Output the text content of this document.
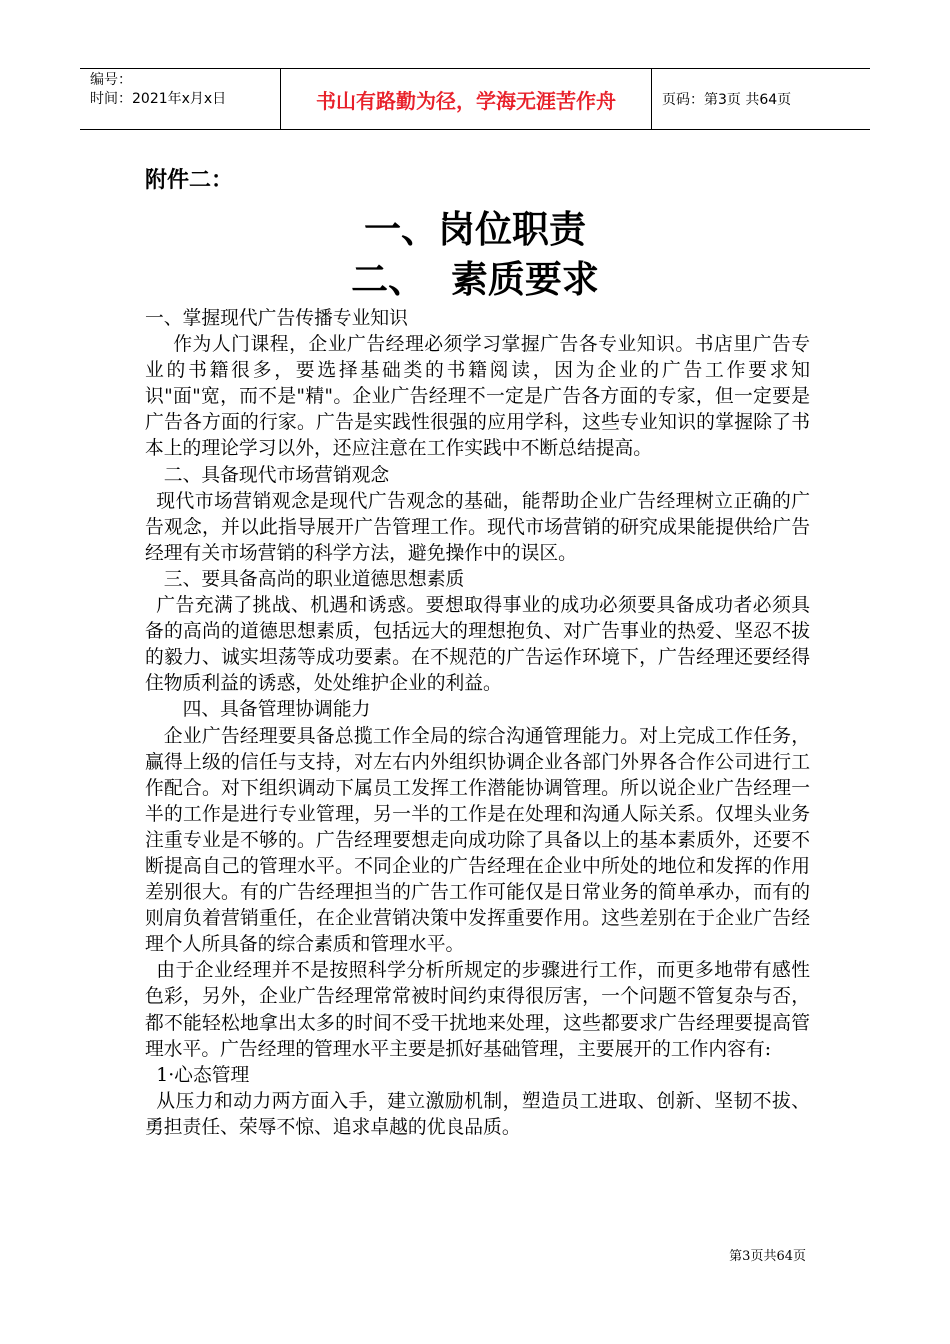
编号：
时间：2021年x月x日	书山有路勤为径，学海无涯苦作舟	页码：第3页 共64页
附件二：
一、岗位职责
二、  素质要求

一、掌握现代广告传播专业知识

作为人门课程，企业广告经理必须学习掌握广告各专业知识。书店里广告专业的书籍很多，要选择基础类的书籍阅读，因为企业的广告工作要求知识"面"宽，而不是"精"。企业广告经理不一定是广告各方面的专家，但一定要是广告各方面的行家。广告是实践性很强的应用学科，这些专业知识的掌握除了书本上的理论学习以外，还应注意在工作实践中不断总结提高。

二、具备现代市场营销观念

现代市场营销观念是现代广告观念的基础，能帮助企业广告经理树立正确的广告观念，并以此指导展开广告管理工作。现代市场营销的研究成果能提供给广告经理有关市场营销的科学方法，避免操作中的误区。

三、要具备高尚的职业道德思想素质

广告充满了挑战、机遇和诱惑。要想取得事业的成功必须要具备成功者必须具备的高尚的道德思想素质，包括远大的理想抱负、对广告事业的热爱、坚忍不拔的毅力、诚实坦荡等成功要素。在不规范的广告运作环境下，广告经理还要经得住物质利益的诱惑，处处维护企业的利益。

四、具备管理协调能力

企业广告经理要具备总揽工作全局的综合沟通管理能力。对上完成工作任务，赢得上级的信任与支持，对左右内外组织协调企业各部门外界各合作公司进行工作配合。对下组织调动下属员工发挥工作潜能协调管理。所以说企业广告经理一半的工作是进行专业管理，另一半的工作是在处理和沟通人际关系。仅埋头业务注重专业是不够的。广告经理要想走向成功除了具备以上的基本素质外，还要不断提高自己的管理水平。不同企业的广告经理在企业中所处的地位和发挥的作用差别很大。有的广告经理担当的广告工作可能仅是日常业务的简单承办，而有的则肩负着营销重任，在企业营销决策中发挥重要作用。这些差别在于企业广告经理个人所具备的综合素质和管理水平。

由于企业经理并不是按照科学分析所规定的步骤进行工作，而更多地带有感性色彩，另外，企业广告经理常常被时间约束得很厉害，一个问题不管复杂与否，都不能轻松地拿出太多的时间不受干扰地来处理，这些都要求广告经理要提高管理水平。广告经理的管理水平主要是抓好基础管理，主要展开的工作内容有:

1·心态管理

从压力和动力两方面入手，建立激励机制，塑造员工进取、创新、坚韧不拔、勇担责任、荣辱不惊、追求卓越的优良品质。

第3页共64页
